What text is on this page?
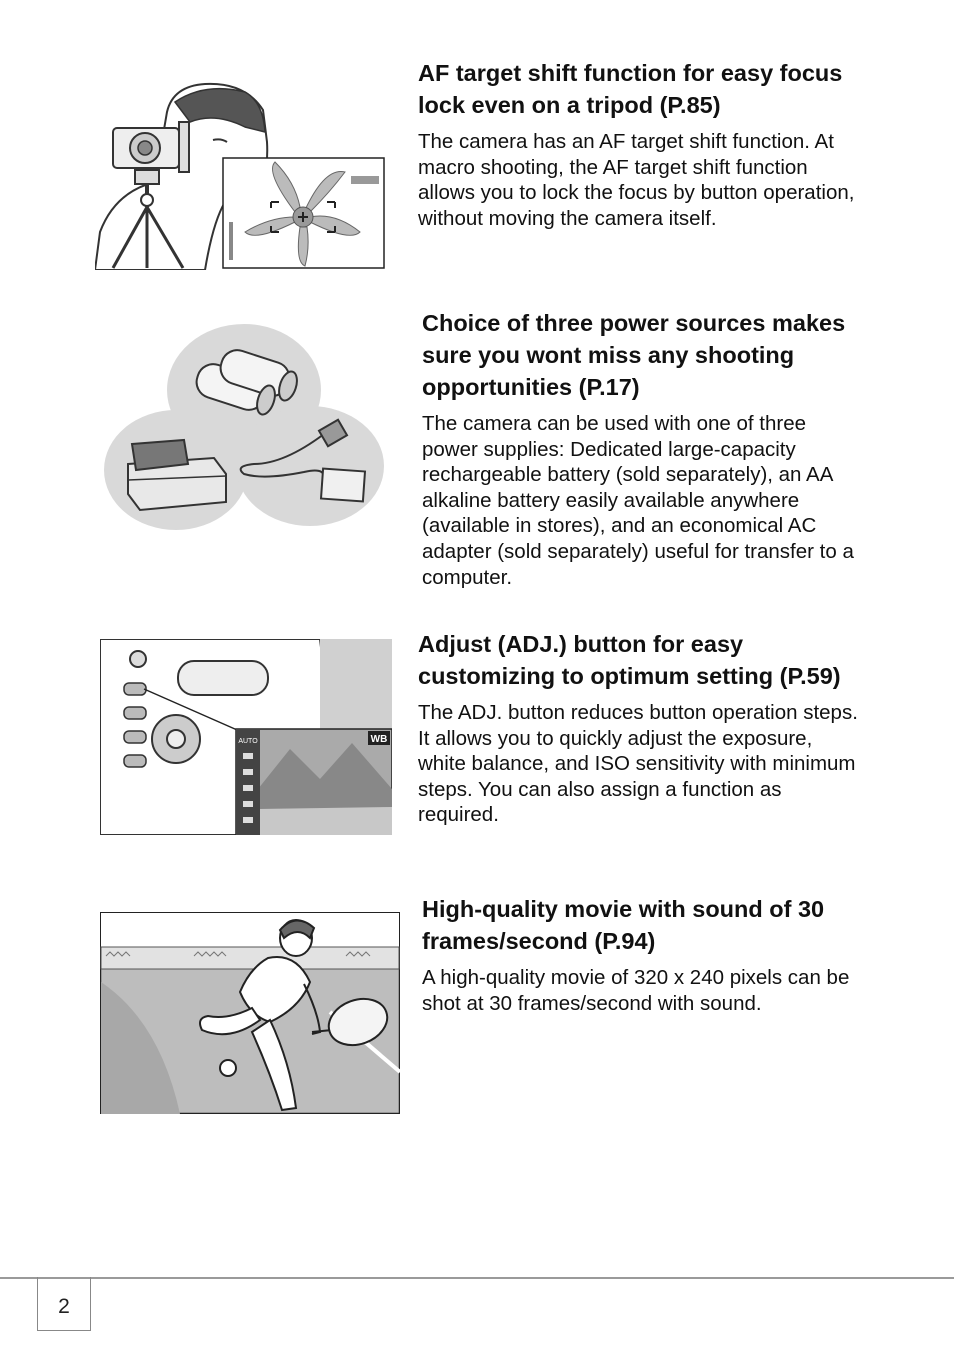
AF target shift function for easy focus lock even on a tripod (P.85)

The camera has an AF target shift function. At macro shooting, the AF target shift function allows you to lock the focus by button operation, without moving the camera itself.

Choice of three power sources makes sure you wont miss any shooting opportunities (P.17)

The camera can be used with one of three power supplies: Dedicated large-capacity rechargeable battery (sold separately), an AA alkaline battery easily available anywhere (available in stores), and an economical AC adapter (sold separately) useful for transfer to a computer.

AUTO	WB
Adjust (ADJ.) button for easy customizing to optimum setting (P.59)

The ADJ. button reduces button operation steps. It allows you to quickly adjust the exposure, white balance, and ISO sensitivity with minimum steps. You can also assign a function as required.

High-quality movie with sound of 30 frames/second (P.94)

A high-quality movie of 320 x 240 pixels can be shot at 30 frames/second with sound.

2
